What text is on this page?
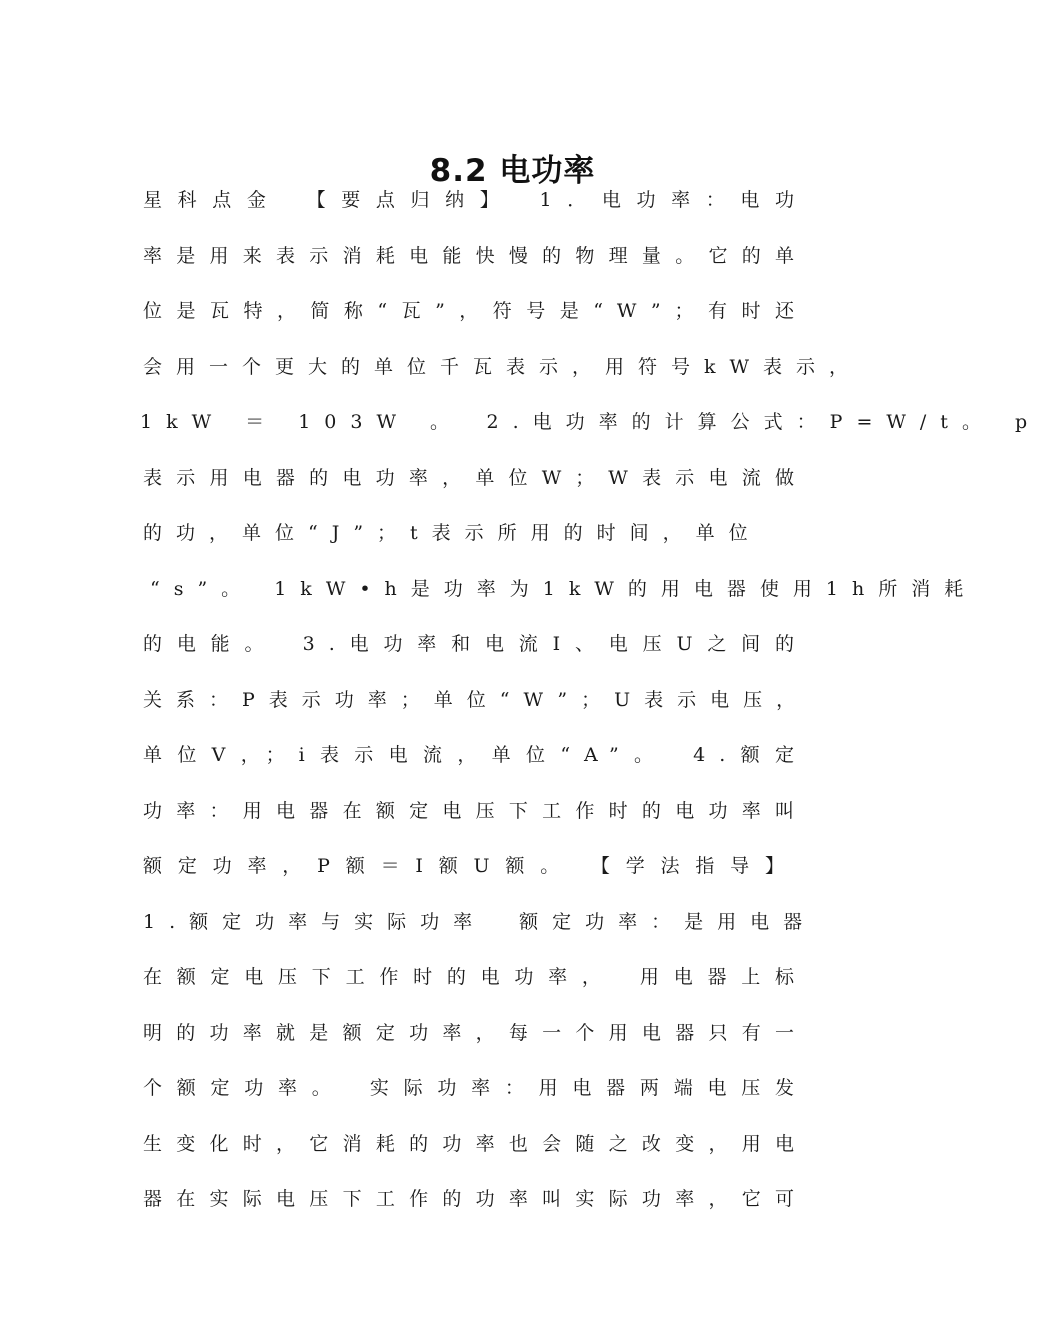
8.2 电功率
星科点金　【要点归纳】　1．电功率：电功
率是用来表示消耗电能快慢的物理量。它的单
位是瓦特，简称“瓦”，符号是“W”；有时还
会用一个更大的单位千瓦表示，用符号kW表示，
1kW ＝ 103W 。　2.电功率的计算公式：P=W/t。 p
表示用电器的电功率，单位W；W表示电流做
的功，单位“J”；t表示所用的时间，单位
“s”。 1kW•h是功率为1kW的用电器使用1h所消耗
的电能。　3.电功率和电流I、电压U之间的
关系：P表示功率；单位“W”；U表示电压，
单位V，；i表示电流，单位“A”。　4.额定
功率：用电器在额定电压下工作时的电功率叫
额定功率，P额＝I额U额。　【学法指导】
1.额定功率与实际功率　额定功率：是用电器
在额定电压下工作时的电功率，　用电器上标
明的功率就是额定功率，每一个用电器只有一
个额定功率。　实际功率：用电器两端电压发
生变化时，它消耗的功率也会随之改变，用电
器在实际电压下工作的功率叫实际功率，它可
